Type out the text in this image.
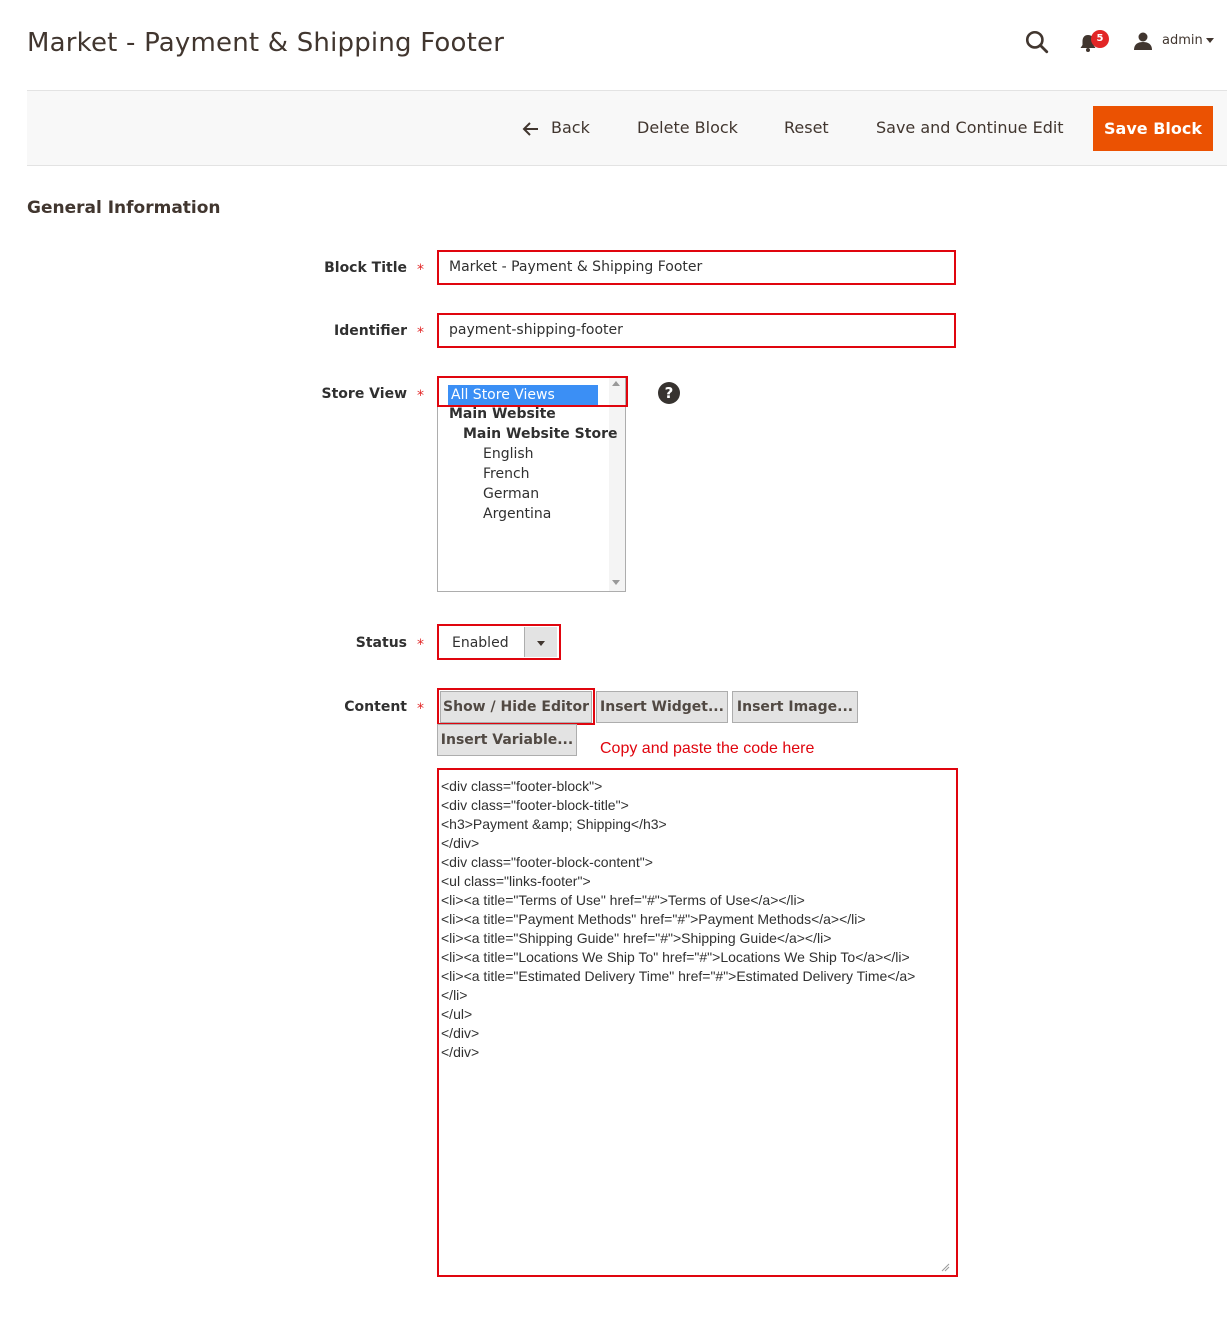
Market - Payment & Shipping Footer	5	admin
Back	Delete Block	Reset	Save and Continue Edit	Save Block
General Information
Block Title *	Market - Payment & Shipping Footer
Identifier *	payment-shipping-footer
Store View * All Store Views
Main Website
Main Website Store
English
French
German
Argentina
?
Status * Enabled
Content * Show / Hide Editor Insert Widget... Insert Image...
Insert Variable... Copy and paste the code here
<div class="footer-block">
<div class="footer-block-title">
<h3>Payment &amp; Shipping</h3>
</div>
<div class="footer-block-content">
<ul class="links-footer">
<li><a title="Terms of Use" href="#">Terms of Use</a></li>
<li><a title="Payment Methods" href="#">Payment Methods</a></li>
<li><a title="Shipping Guide" href="#">Shipping Guide</a></li>
<li><a title="Locations We Ship To" href="#">Locations We Ship To</a></li>
<li><a title="Estimated Delivery Time" href="#">Estimated Delivery Time</a>
</li>
</ul>
</div>
</div>
